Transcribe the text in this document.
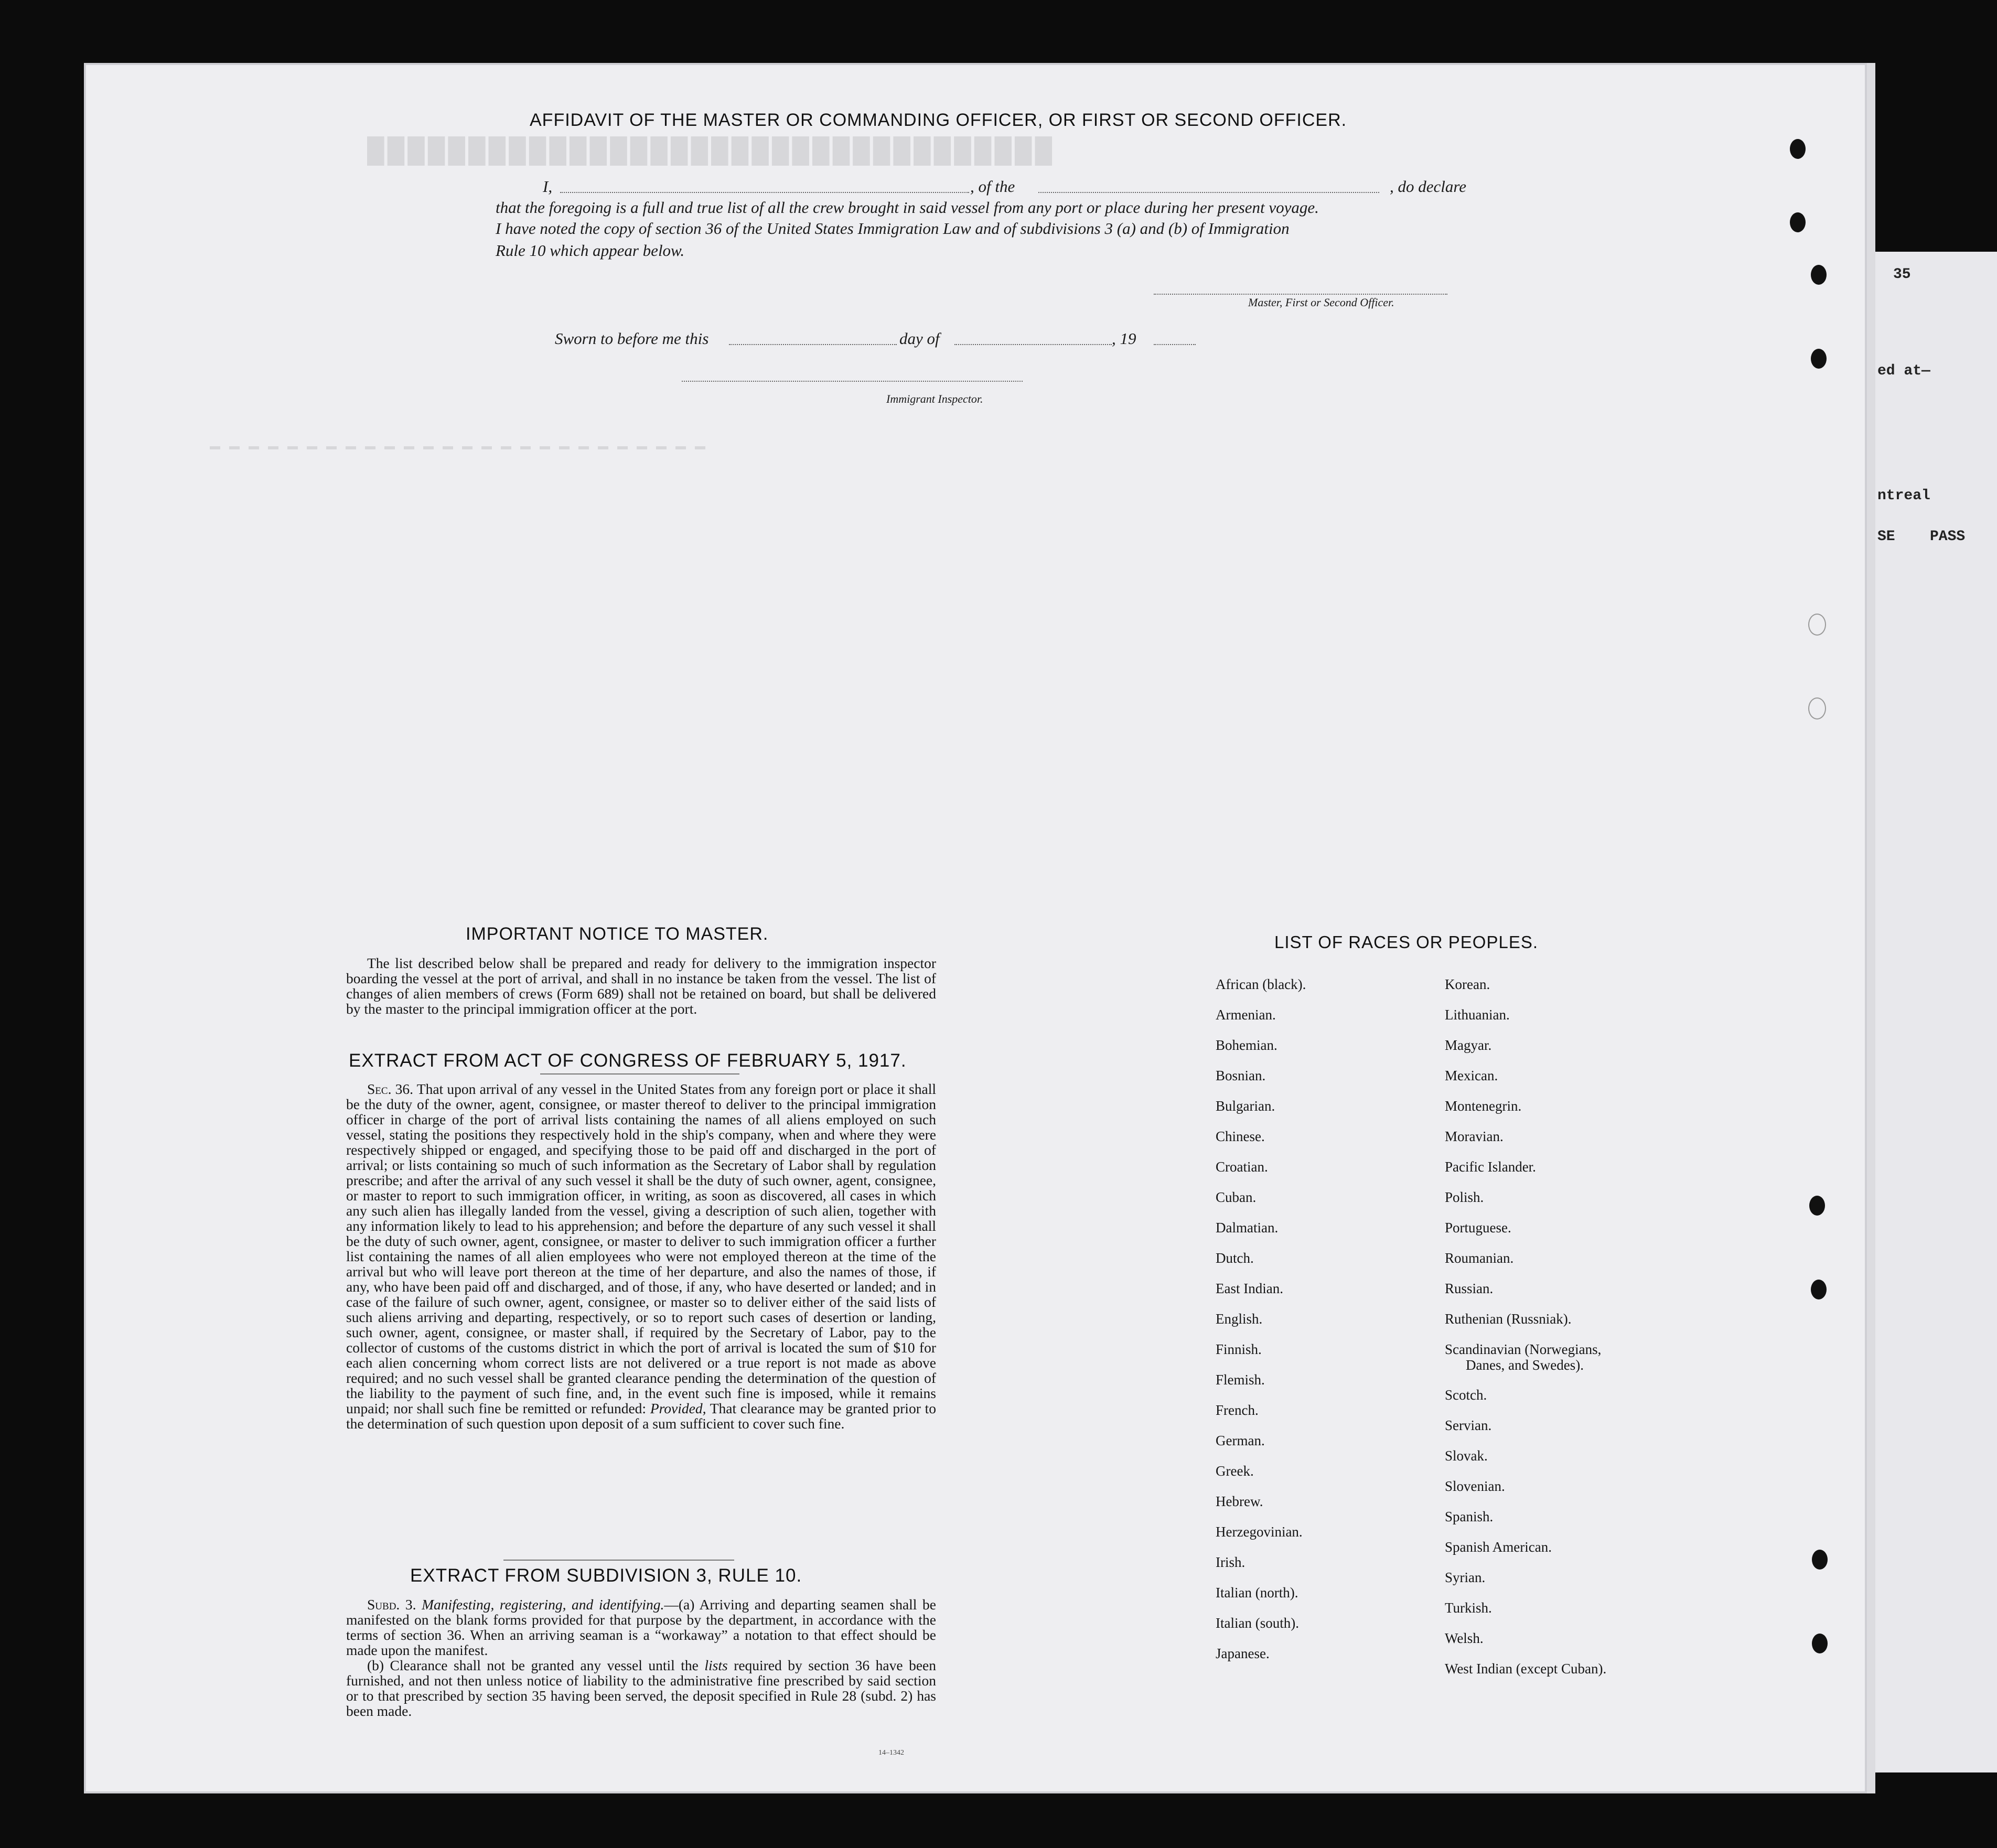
35
ed at—
ntreal
SE PASS
██████████████████████████████████
▬ ▬ ▬ ▬ ▬ ▬ ▬ ▬ ▬ ▬ ▬ ▬ ▬ ▬ ▬ ▬ ▬ ▬ ▬ ▬ ▬ ▬ ▬ ▬ ▬ ▬
AFFIDAVIT OF THE MASTER OR COMMANDING OFFICER, OR FIRST OR SECOND OFFICER.
I,	, of the	, do declare
that the foregoing is a full and true list of all the crew brought in said vessel from any port or place during her present voyage.
I have noted the copy of section 36 of the United States Immigration Law and of subdivisions 3 (a) and (b) of Immigration
Rule 10 which appear below.
Master, First or Second Officer.
Sworn to before me this	day of	, 19
Immigrant Inspector.
IMPORTANT NOTICE TO MASTER.

The list described below shall be prepared and ready for delivery to the immigration inspector boarding the vessel at the port of arrival, and shall in no instance be taken from the vessel. The list of changes of alien members of crews (Form 689) shall not be retained on board, but shall be delivered by the master to the principal immigration officer at the port.

EXTRACT FROM ACT OF CONGRESS OF FEBRUARY 5, 1917.

Sec. 36. That upon arrival of any vessel in the United States from any foreign port or place it shall be the duty of the owner, agent, consignee, or master thereof to deliver to the principal immigration officer in charge of the port of arrival lists containing the names of all aliens employed on such vessel, stating the positions they respectively hold in the ship's company, when and where they were respectively shipped or engaged, and specifying those to be paid off and discharged in the port of arrival; or lists containing so much of such information as the Secretary of Labor shall by regulation prescribe; and after the arrival of any such vessel it shall be the duty of such owner, agent, consignee, or master to report to such immigration officer, in writing, as soon as discovered, all cases in which any such alien has illegally landed from the vessel, giving a description of such alien, together with any information likely to lead to his apprehension; and before the departure of any such vessel it shall be the duty of such owner, agent, consignee, or master to deliver to such immigration officer a further list containing the names of all alien employees who were not employed thereon at the time of the arrival but who will leave port thereon at the time of her departure, and also the names of those, if any, who have been paid off and discharged, and of those, if any, who have deserted or landed; and in case of the failure of such owner, agent, consignee, or master so to deliver either of the said lists of such aliens arriving and departing, respectively, or so to report such cases of desertion or landing, such owner, agent, consignee, or master shall, if required by the Secretary of Labor, pay to the collector of customs of the customs district in which the port of arrival is located the sum of $10 for each alien concerning whom correct lists are not delivered or a true report is not made as above required; and no such vessel shall be granted clearance pending the determination of the question of the liability to the payment of such fine, and, in the event such fine is imposed, while it remains unpaid; nor shall such fine be remitted or refunded: Provided, That clearance may be granted prior to the determination of such question upon deposit of a sum sufficient to cover such fine.

EXTRACT FROM SUBDIVISION 3, RULE 10.

Subd. 3. Manifesting, registering, and identifying.—(a) Arriving and departing seamen shall be manifested on the blank forms provided for that purpose by the department, in accordance with the terms of section 36. When an arriving seaman is a “workaway” a notation to that effect should be made upon the manifest.

(b) Clearance shall not be granted any vessel until the lists required by section 36 have been furnished, and not then unless notice of liability to the administrative fine prescribed by said section or to that prescribed by section 35 having been served, the deposit specified in Rule 28 (subd. 2) has been made.

14–1342
LIST OF RACES OR PEOPLES.
African (black).
Armenian.
Bohemian.
Bosnian.
Bulgarian.
Chinese.
Croatian.
Cuban.
Dalmatian.
Dutch.
East Indian.
English.
Finnish.
Flemish.
French.
German.
Greek.
Hebrew.
Herzegovinian.
Irish.
Italian (north).
Italian (south).
Japanese.
Korean.
Lithuanian.
Magyar.
Mexican.
Montenegrin.
Moravian.
Pacific Islander.
Polish.
Portuguese.
Roumanian.
Russian.
Ruthenian (Russniak).
Scandinavian (Norwegians,
Danes, and Swedes).
Scotch.
Servian.
Slovak.
Slovenian.
Spanish.
Spanish American.
Syrian.
Turkish.
Welsh.
West Indian (except Cuban).
